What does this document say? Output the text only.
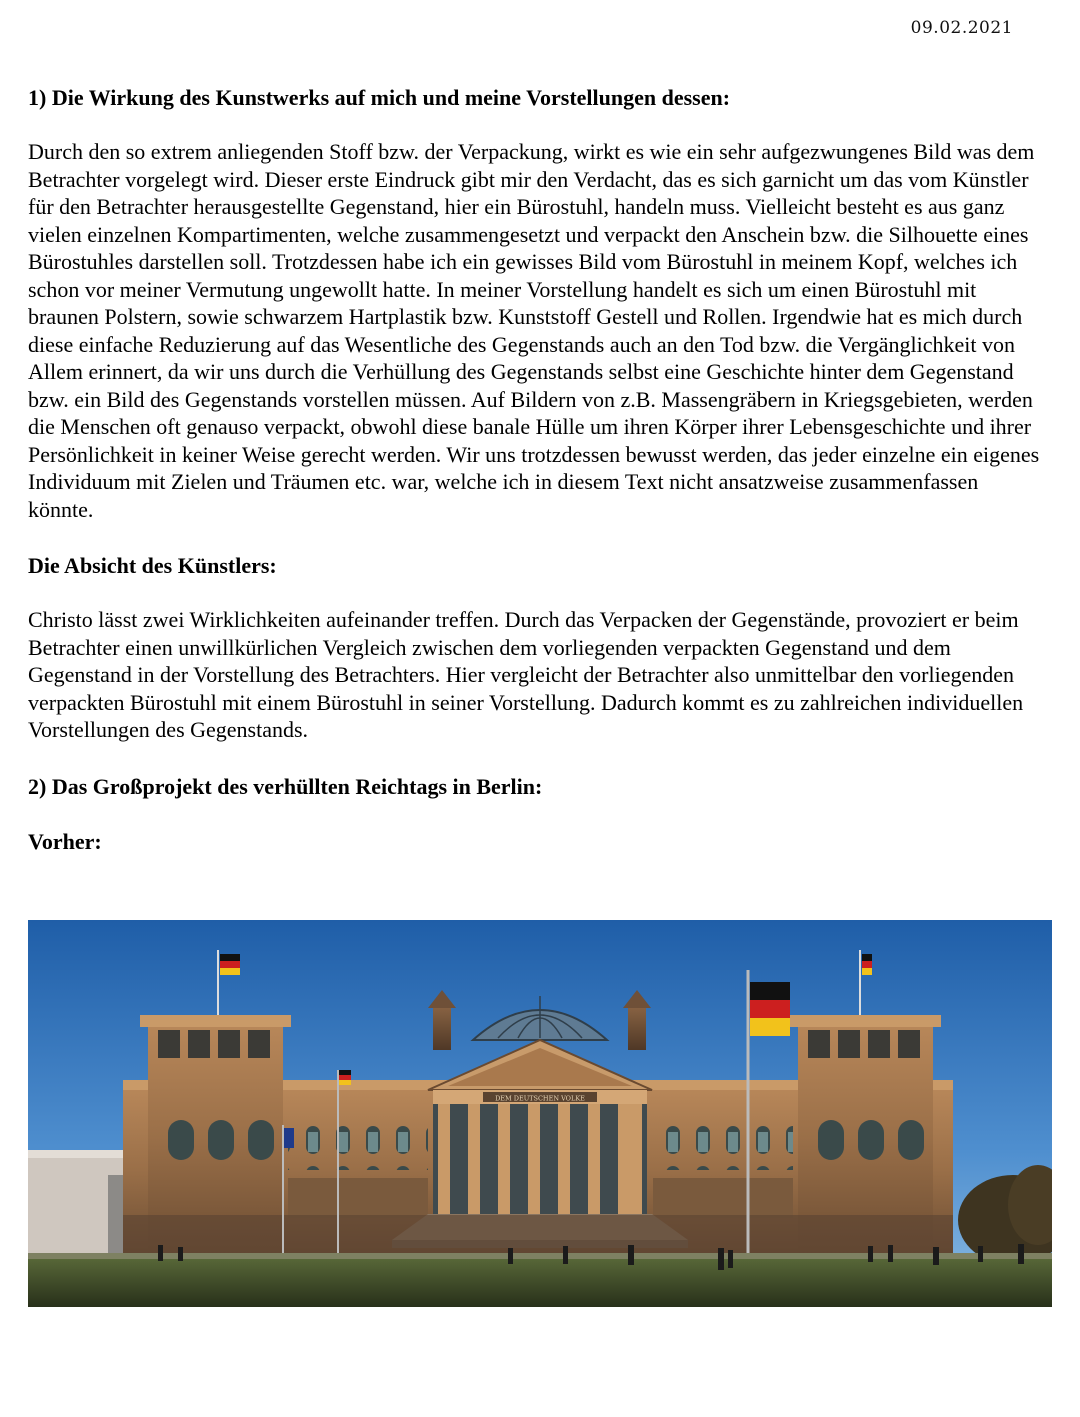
09.02.2021
1) Die Wirkung des Kunstwerks auf mich und meine Vorstellungen dessen:

Durch den so extrem anliegenden Stoff bzw. der Verpackung, wirkt es wie ein sehr aufgezwungenes Bild was dem Betrachter vorgelegt wird. Dieser erste Eindruck gibt mir den Verdacht, das es sich garnicht um das vom Künstler für den Betrachter herausgestellte Gegenstand, hier ein Bürostuhl, handeln muss. Vielleicht besteht es aus ganz vielen einzelnen Kompartimenten, welche zusammengesetzt und verpackt den Anschein bzw. die Silhouette eines Bürostuhles darstellen soll. Trotzdessen habe ich ein gewisses Bild vom Bürostuhl in meinem Kopf, welches ich schon vor meiner Vermutung ungewollt hatte. In meiner Vorstellung handelt es sich um einen Bürostuhl mit braunen Polstern, sowie schwarzem Hartplastik bzw. Kunststoff Gestell und Rollen. Irgendwie hat es mich durch diese einfache Reduzierung auf das Wesentliche des Gegenstands auch an den Tod bzw. die Vergänglichkeit von Allem erinnert, da wir uns durch die Verhüllung des Gegenstands selbst eine Geschichte hinter dem Gegenstand bzw. ein Bild des Gegenstands vorstellen müssen. Auf Bildern von z.B. Massengräbern in Kriegsgebieten, werden die Menschen oft genauso verpackt, obwohl diese banale Hülle um ihren Körper ihrer Lebensgeschichte und ihrer Persönlichkeit in keiner Weise gerecht werden. Wir uns trotzdessen bewusst werden, das jeder einzelne ein eigenes Individuum mit Zielen und Träumen etc. war, welche ich in diesem Text nicht ansatzweise zusammenfassen könnte.

Die Absicht des Künstlers:

Christo lässt zwei Wirklichkeiten aufeinander treffen. Durch das Verpacken der Gegenstände, provoziert er beim Betrachter einen unwillkürlichen Vergleich zwischen dem vorliegenden verpackten Gegenstand und dem Gegenstand in der Vorstellung des Betrachters. Hier vergleicht der Betrachter also unmittelbar den vorliegenden verpackten Bürostuhl mit einem Bürostuhl in seiner Vorstellung. Dadurch kommt es zu zahlreichen individuellen Vorstellungen des Gegenstands.

2) Das Großprojekt des verhüllten Reichtags in Berlin:
Vorher:
DEM DEUTSCHEN VOLKE
